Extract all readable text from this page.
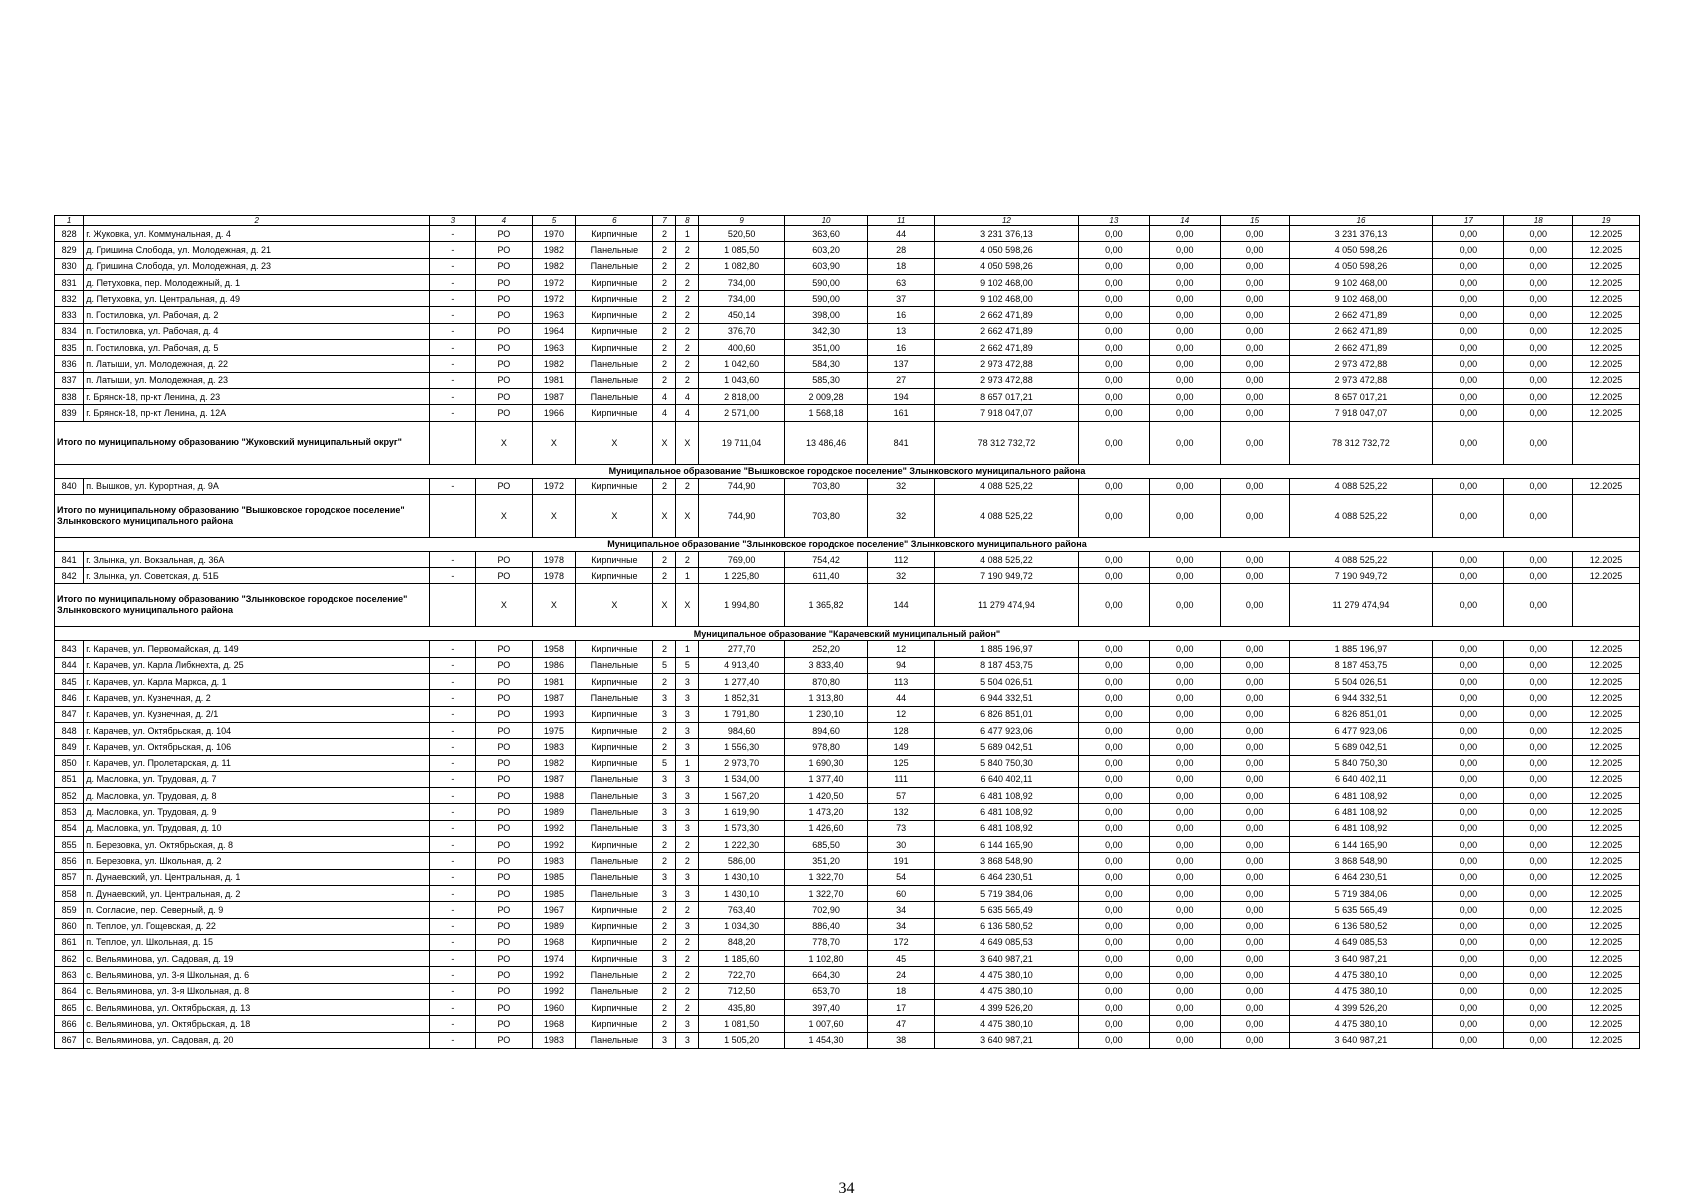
1	2	3	4	5	6	7	8	9	10	11	12	13	14	15	16	17	18	19
828	г. Жуковка, ул. Коммунальная, д. 4	-	РО	1970	Кирпичные	2	1	520,50	363,60	44	3 231 376,13	0,00	0,00	0,00	3 231 376,13	0,00	0,00	12.2025
829	д. Гришина Слобода, ул. Молодежная, д. 21	-	РО	1982	Панельные	2	2	1 085,50	603,20	28	4 050 598,26	0,00	0,00	0,00	4 050 598,26	0,00	0,00	12.2025
830	д. Гришина Слобода, ул. Молодежная, д. 23	-	РО	1982	Панельные	2	2	1 082,80	603,90	18	4 050 598,26	0,00	0,00	0,00	4 050 598,26	0,00	0,00	12.2025
831	д. Петуховка, пер. Молодежный, д. 1	-	РО	1972	Кирпичные	2	2	734,00	590,00	63	9 102 468,00	0,00	0,00	0,00	9 102 468,00	0,00	0,00	12.2025
832	д. Петуховка, ул. Центральная, д. 49	-	РО	1972	Кирпичные	2	2	734,00	590,00	37	9 102 468,00	0,00	0,00	0,00	9 102 468,00	0,00	0,00	12.2025
833	п. Гостиловка, ул. Рабочая, д. 2	-	РО	1963	Кирпичные	2	2	450,14	398,00	16	2 662 471,89	0,00	0,00	0,00	2 662 471,89	0,00	0,00	12.2025
834	п. Гостиловка, ул. Рабочая, д. 4	-	РО	1964	Кирпичные	2	2	376,70	342,30	13	2 662 471,89	0,00	0,00	0,00	2 662 471,89	0,00	0,00	12.2025
835	п. Гостиловка, ул. Рабочая, д. 5	-	РО	1963	Кирпичные	2	2	400,60	351,00	16	2 662 471,89	0,00	0,00	0,00	2 662 471,89	0,00	0,00	12.2025
836	п. Латыши, ул. Молодежная, д. 22	-	РО	1982	Панельные	2	2	1 042,60	584,30	137	2 973 472,88	0,00	0,00	0,00	2 973 472,88	0,00	0,00	12.2025
837	п. Латыши, ул. Молодежная, д. 23	-	РО	1981	Панельные	2	2	1 043,60	585,30	27	2 973 472,88	0,00	0,00	0,00	2 973 472,88	0,00	0,00	12.2025
838	г. Брянск-18, пр-кт Ленина, д. 23	-	РО	1987	Панельные	4	4	2 818,00	2 009,28	194	8 657 017,21	0,00	0,00	0,00	8 657 017,21	0,00	0,00	12.2025
839	г. Брянск-18, пр-кт Ленина, д. 12А	-	РО	1966	Кирпичные	4	4	2 571,00	1 568,18	161	7 918 047,07	0,00	0,00	0,00	7 918 047,07	0,00	0,00	12.2025
Итого по муниципальному образованию "Жуковский муниципальный округ"			Х	Х	Х	Х	Х	19 711,04	13 486,46	841	78 312 732,72	0,00	0,00	0,00	78 312 732,72	0,00	0,00	
Муниципальное образование "Вышковское городское поселение" Злынковского муниципального района																		
840	п. Вышков, ул. Курортная, д. 9А	-	РО	1972	Кирпичные	2	2	744,90	703,80	32	4 088 525,22	0,00	0,00	0,00	4 088 525,22	0,00	0,00	12.2025
Итого по муниципальному образованию "Вышковское городское поселение" Злынковского муниципального района			Х	Х	Х	Х	Х	744,90	703,80	32	4 088 525,22	0,00	0,00	0,00	4 088 525,22	0,00	0,00	
Муниципальное образование "Злынковское городское поселение" Злынковского муниципального района																		
841	г. Злынка, ул. Вокзальная, д. 36А	-	РО	1978	Кирпичные	2	2	769,00	754,42	112	4 088 525,22	0,00	0,00	0,00	4 088 525,22	0,00	0,00	12.2025
842	г. Злынка, ул. Советская, д. 51Б	-	РО	1978	Кирпичные	2	1	1 225,80	611,40	32	7 190 949,72	0,00	0,00	0,00	7 190 949,72	0,00	0,00	12.2025
Итого по муниципальному образованию "Злынковское городское поселение" Злынковского муниципального района			Х	Х	Х	Х	Х	1 994,80	1 365,82	144	11 279 474,94	0,00	0,00	0,00	11 279 474,94	0,00	0,00	
Муниципальное образование "Карачевский муниципальный район"																		
843	г. Карачев, ул. Первомайская, д. 149	-	РО	1958	Кирпичные	2	1	277,70	252,20	12	1 885 196,97	0,00	0,00	0,00	1 885 196,97	0,00	0,00	12.2025
844	г. Карачев, ул. Карла Либкнехта, д. 25	-	РО	1986	Панельные	5	5	4 913,40	3 833,40	94	8 187 453,75	0,00	0,00	0,00	8 187 453,75	0,00	0,00	12.2025
845	г. Карачев, ул. Карла Маркса, д. 1	-	РО	1981	Кирпичные	2	3	1 277,40	870,80	113	5 504 026,51	0,00	0,00	0,00	5 504 026,51	0,00	0,00	12.2025
846	г. Карачев, ул. Кузнечная, д. 2	-	РО	1987	Панельные	3	3	1 852,31	1 313,80	44	6 944 332,51	0,00	0,00	0,00	6 944 332,51	0,00	0,00	12.2025
847	г. Карачев, ул. Кузнечная, д. 2/1	-	РО	1993	Кирпичные	3	3	1 791,80	1 230,10	12	6 826 851,01	0,00	0,00	0,00	6 826 851,01	0,00	0,00	12.2025
848	г. Карачев, ул. Октябрьская, д. 104	-	РО	1975	Кирпичные	2	3	984,60	894,60	128	6 477 923,06	0,00	0,00	0,00	6 477 923,06	0,00	0,00	12.2025
849	г. Карачев, ул. Октябрьская, д. 106	-	РО	1983	Кирпичные	2	3	1 556,30	978,80	149	5 689 042,51	0,00	0,00	0,00	5 689 042,51	0,00	0,00	12.2025
850	г. Карачев, ул. Пролетарская, д. 11	-	РО	1982	Кирпичные	5	1	2 973,70	1 690,30	125	5 840 750,30	0,00	0,00	0,00	5 840 750,30	0,00	0,00	12.2025
851	д. Масловка, ул. Трудовая, д. 7	-	РО	1987	Панельные	3	3	1 534,00	1 377,40	111	6 640 402,11	0,00	0,00	0,00	6 640 402,11	0,00	0,00	12.2025
852	д. Масловка, ул. Трудовая, д. 8	-	РО	1988	Панельные	3	3	1 567,20	1 420,50	57	6 481 108,92	0,00	0,00	0,00	6 481 108,92	0,00	0,00	12.2025
853	д. Масловка, ул. Трудовая, д. 9	-	РО	1989	Панельные	3	3	1 619,90	1 473,20	132	6 481 108,92	0,00	0,00	0,00	6 481 108,92	0,00	0,00	12.2025
854	д. Масловка, ул. Трудовая, д. 10	-	РО	1992	Панельные	3	3	1 573,30	1 426,60	73	6 481 108,92	0,00	0,00	0,00	6 481 108,92	0,00	0,00	12.2025
855	п. Березовка, ул. Октябрьская, д. 8	-	РО	1992	Кирпичные	2	2	1 222,30	685,50	30	6 144 165,90	0,00	0,00	0,00	6 144 165,90	0,00	0,00	12.2025
856	п. Березовка, ул. Школьная, д. 2	-	РО	1983	Панельные	2	2	586,00	351,20	191	3 868 548,90	0,00	0,00	0,00	3 868 548,90	0,00	0,00	12.2025
857	п. Дунаевский, ул. Центральная, д. 1	-	РО	1985	Панельные	3	3	1 430,10	1 322,70	54	6 464 230,51	0,00	0,00	0,00	6 464 230,51	0,00	0,00	12.2025
858	п. Дунаевский, ул. Центральная, д. 2	-	РО	1985	Панельные	3	3	1 430,10	1 322,70	60	5 719 384,06	0,00	0,00	0,00	5 719 384,06	0,00	0,00	12.2025
859	п. Согласие, пер. Северный, д. 9	-	РО	1967	Кирпичные	2	2	763,40	702,90	34	5 635 565,49	0,00	0,00	0,00	5 635 565,49	0,00	0,00	12.2025
860	п. Теплое, ул. Гощевская, д. 22	-	РО	1989	Кирпичные	2	3	1 034,30	886,40	34	6 136 580,52	0,00	0,00	0,00	6 136 580,52	0,00	0,00	12.2025
861	п. Теплое, ул. Школьная, д. 15	-	РО	1968	Кирпичные	2	2	848,20	778,70	172	4 649 085,53	0,00	0,00	0,00	4 649 085,53	0,00	0,00	12.2025
862	с. Вельяминова, ул. Садовая, д. 19	-	РО	1974	Кирпичные	3	2	1 185,60	1 102,80	45	3 640 987,21	0,00	0,00	0,00	3 640 987,21	0,00	0,00	12.2025
863	с. Вельяминова, ул. 3-я Школьная, д. 6	-	РО	1992	Панельные	2	2	722,70	664,30	24	4 475 380,10	0,00	0,00	0,00	4 475 380,10	0,00	0,00	12.2025
864	с. Вельяминова, ул. 3-я Школьная, д. 8	-	РО	1992	Панельные	2	2	712,50	653,70	18	4 475 380,10	0,00	0,00	0,00	4 475 380,10	0,00	0,00	12.2025
865	с. Вельяминова, ул. Октябрьская, д. 13	-	РО	1960	Кирпичные	2	2	435,80	397,40	17	4 399 526,20	0,00	0,00	0,00	4 399 526,20	0,00	0,00	12.2025
866	с. Вельяминова, ул. Октябрьская, д. 18	-	РО	1968	Кирпичные	2	3	1 081,50	1 007,60	47	4 475 380,10	0,00	0,00	0,00	4 475 380,10	0,00	0,00	12.2025
867	с. Вельяминова, ул. Садовая, д. 20	-	РО	1983	Панельные	3	3	1 505,20	1 454,30	38	3 640 987,21	0,00	0,00	0,00	3 640 987,21	0,00	0,00	12.2025
34
